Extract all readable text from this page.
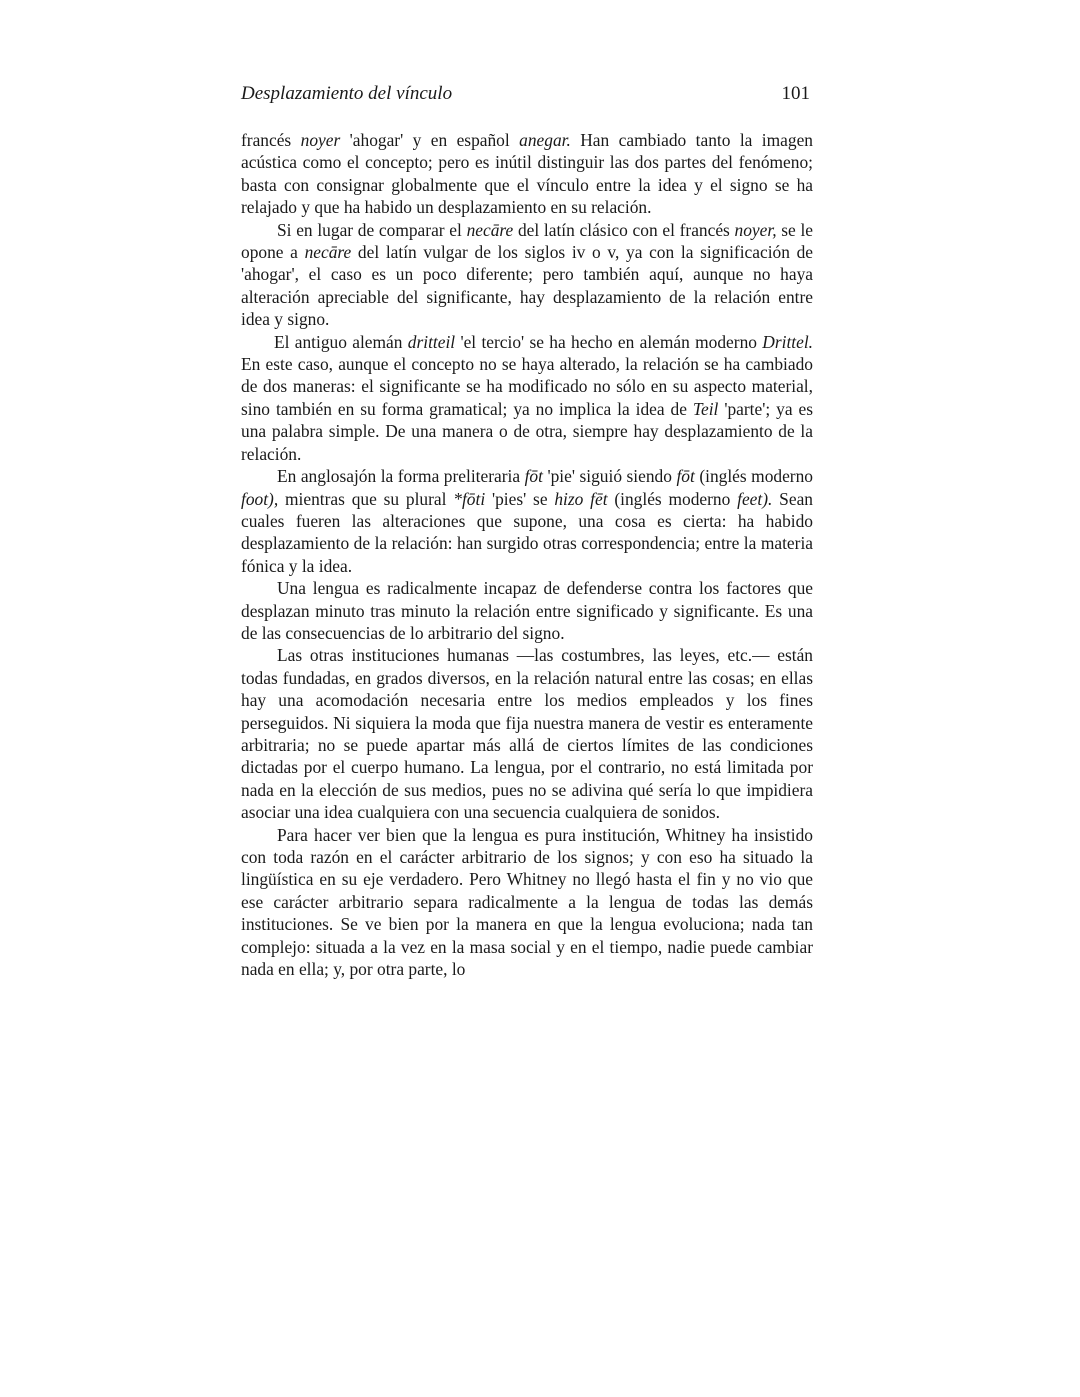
Desplazamiento del vínculo	101

francés noyer 'ahogar' y en español anegar. Han cambiado tanto la imagen acústica como el concepto; pero es inútil distinguir las dos partes del fenómeno; basta con consignar globalmente que el vínculo entre la idea y el signo se ha relajado y que ha habido un desplazamiento en su relación.

Si en lugar de comparar el necāre del latín clásico con el francés noyer, se le opone a necāre del latín vulgar de los siglos iv o v, ya con la significación de 'ahogar', el caso es un poco diferente; pero también aquí, aunque no haya alteración apreciable del significante, hay desplazamiento de la relación entre idea y signo.

El antiguo alemán dritteil 'el tercio' se ha hecho en alemán moderno Drittel. En este caso, aunque el concepto no se haya alterado, la relación se ha cambiado de dos maneras: el significante se ha modificado no sólo en su aspecto material, sino también en su forma gramatical; ya no implica la idea de Teil 'parte'; ya es una palabra simple. De una manera o de otra, siempre hay desplazamiento de la relación.

En anglosajón la forma preliteraria fōt 'pie' siguió siendo fōt (inglés moderno foot), mientras que su plural *fōti 'pies' se hizo fēt (inglés moderno feet). Sean cuales fueren las alteraciones que supone, una cosa es cierta: ha habido desplazamiento de la relación: han surgido otras correspondencia; entre la materia fónica y la idea.

Una lengua es radicalmente incapaz de defenderse contra los factores que desplazan minuto tras minuto la relación entre significado y significante. Es una de las consecuencias de lo arbitrario del signo.

Las otras instituciones humanas —las costumbres, las leyes, etc.— están todas fundadas, en grados diversos, en la relación natural entre las cosas; en ellas hay una acomodación necesaria entre los medios empleados y los fines perseguidos. Ni siquiera la moda que fija nuestra manera de vestir es enteramente arbitraria; no se puede apartar más allá de ciertos límites de las condiciones dictadas por el cuerpo humano. La lengua, por el contrario, no está limitada por nada en la elección de sus medios, pues no se adivina qué sería lo que impidiera asociar una idea cualquiera con una secuencia cualquiera de sonidos.

Para hacer ver bien que la lengua es pura institución, Whitney ha insistido con toda razón en el carácter arbitrario de los signos; y con eso ha situado la lingüística en su eje verdadero. Pero Whitney no llegó hasta el fin y no vio que ese carácter arbitrario separa radicalmente a la lengua de todas las demás instituciones. Se ve bien por la manera en que la lengua evoluciona; nada tan complejo: situada a la vez en la masa social y en el tiempo, nadie puede cambiar nada en ella; y, por otra parte, lo
